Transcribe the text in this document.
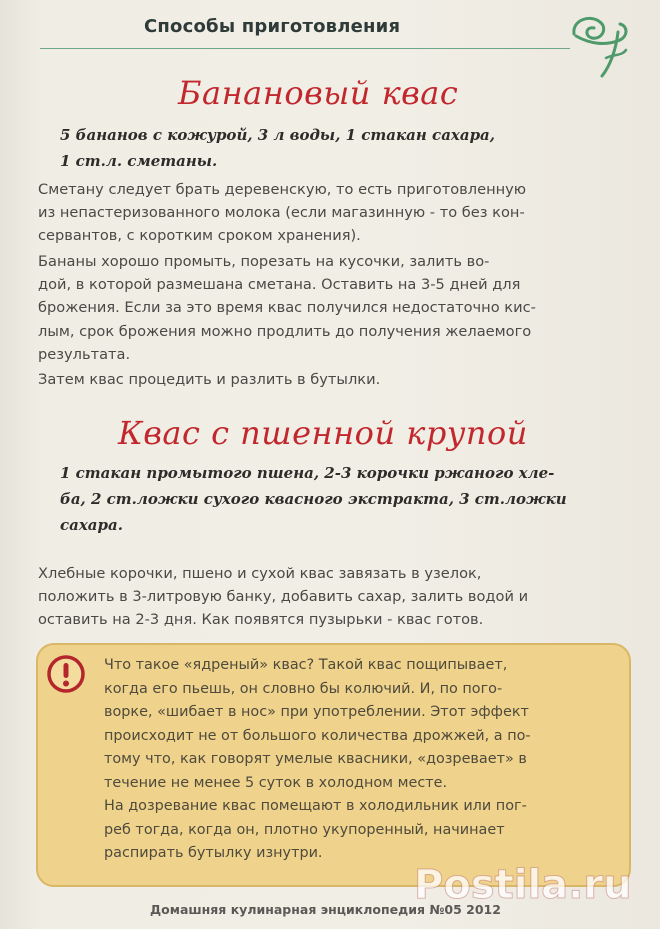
Способы приготовления
Банановый квас
5 бананов с кожурой, 3 л воды, 1 стакан сахара,
1 ст.л. сметаны.

Сметану следует брать деревенскую, то есть приготовленную
из непастеризованного молока (если магазинную - то без кон-
сервантов, с коротким сроком хранения).

Бананы хорошо промыть, порезать на кусочки, залить во-
дой, в которой размешана сметана. Оставить на 3-5 дней для
брожения. Если за это время квас получился недостаточно кис-
лым, срок брожения можно продлить до получения желаемого
результата.

Затем квас процедить и разлить в бутылки.

Квас с пшенной крупой
1 стакан промытого пшена, 2-3 корочки ржаного хле-
ба, 2 ст.ложки сухого квасного экстракта, 3 ст.ложки
сахара.

Хлебные корочки, пшено и сухой квас завязать в узелок,
положить в 3-литровую банку, добавить сахар, залить водой и
оставить на 2-3 дня. Как появятся пузырьки - квас готов.

Что такое «ядреный» квас? Такой квас пощипывает,
когда его пьешь, он словно бы колючий. И, по пого-
ворке, «шибает в нос» при употреблении. Этот эффект
происходит не от большого количества дрожжей, а по-
тому что, как говорят умелые квасники, «дозревает» в
течение не менее 5 суток в холодном месте.
На дозревание квас помещают в холодильник или пог-
реб тогда, когда он, плотно укупоренный, начинает
распирать бутылку изнутри.

Домашняя кулинарная энциклопедия №05 2012
Postila.ru
